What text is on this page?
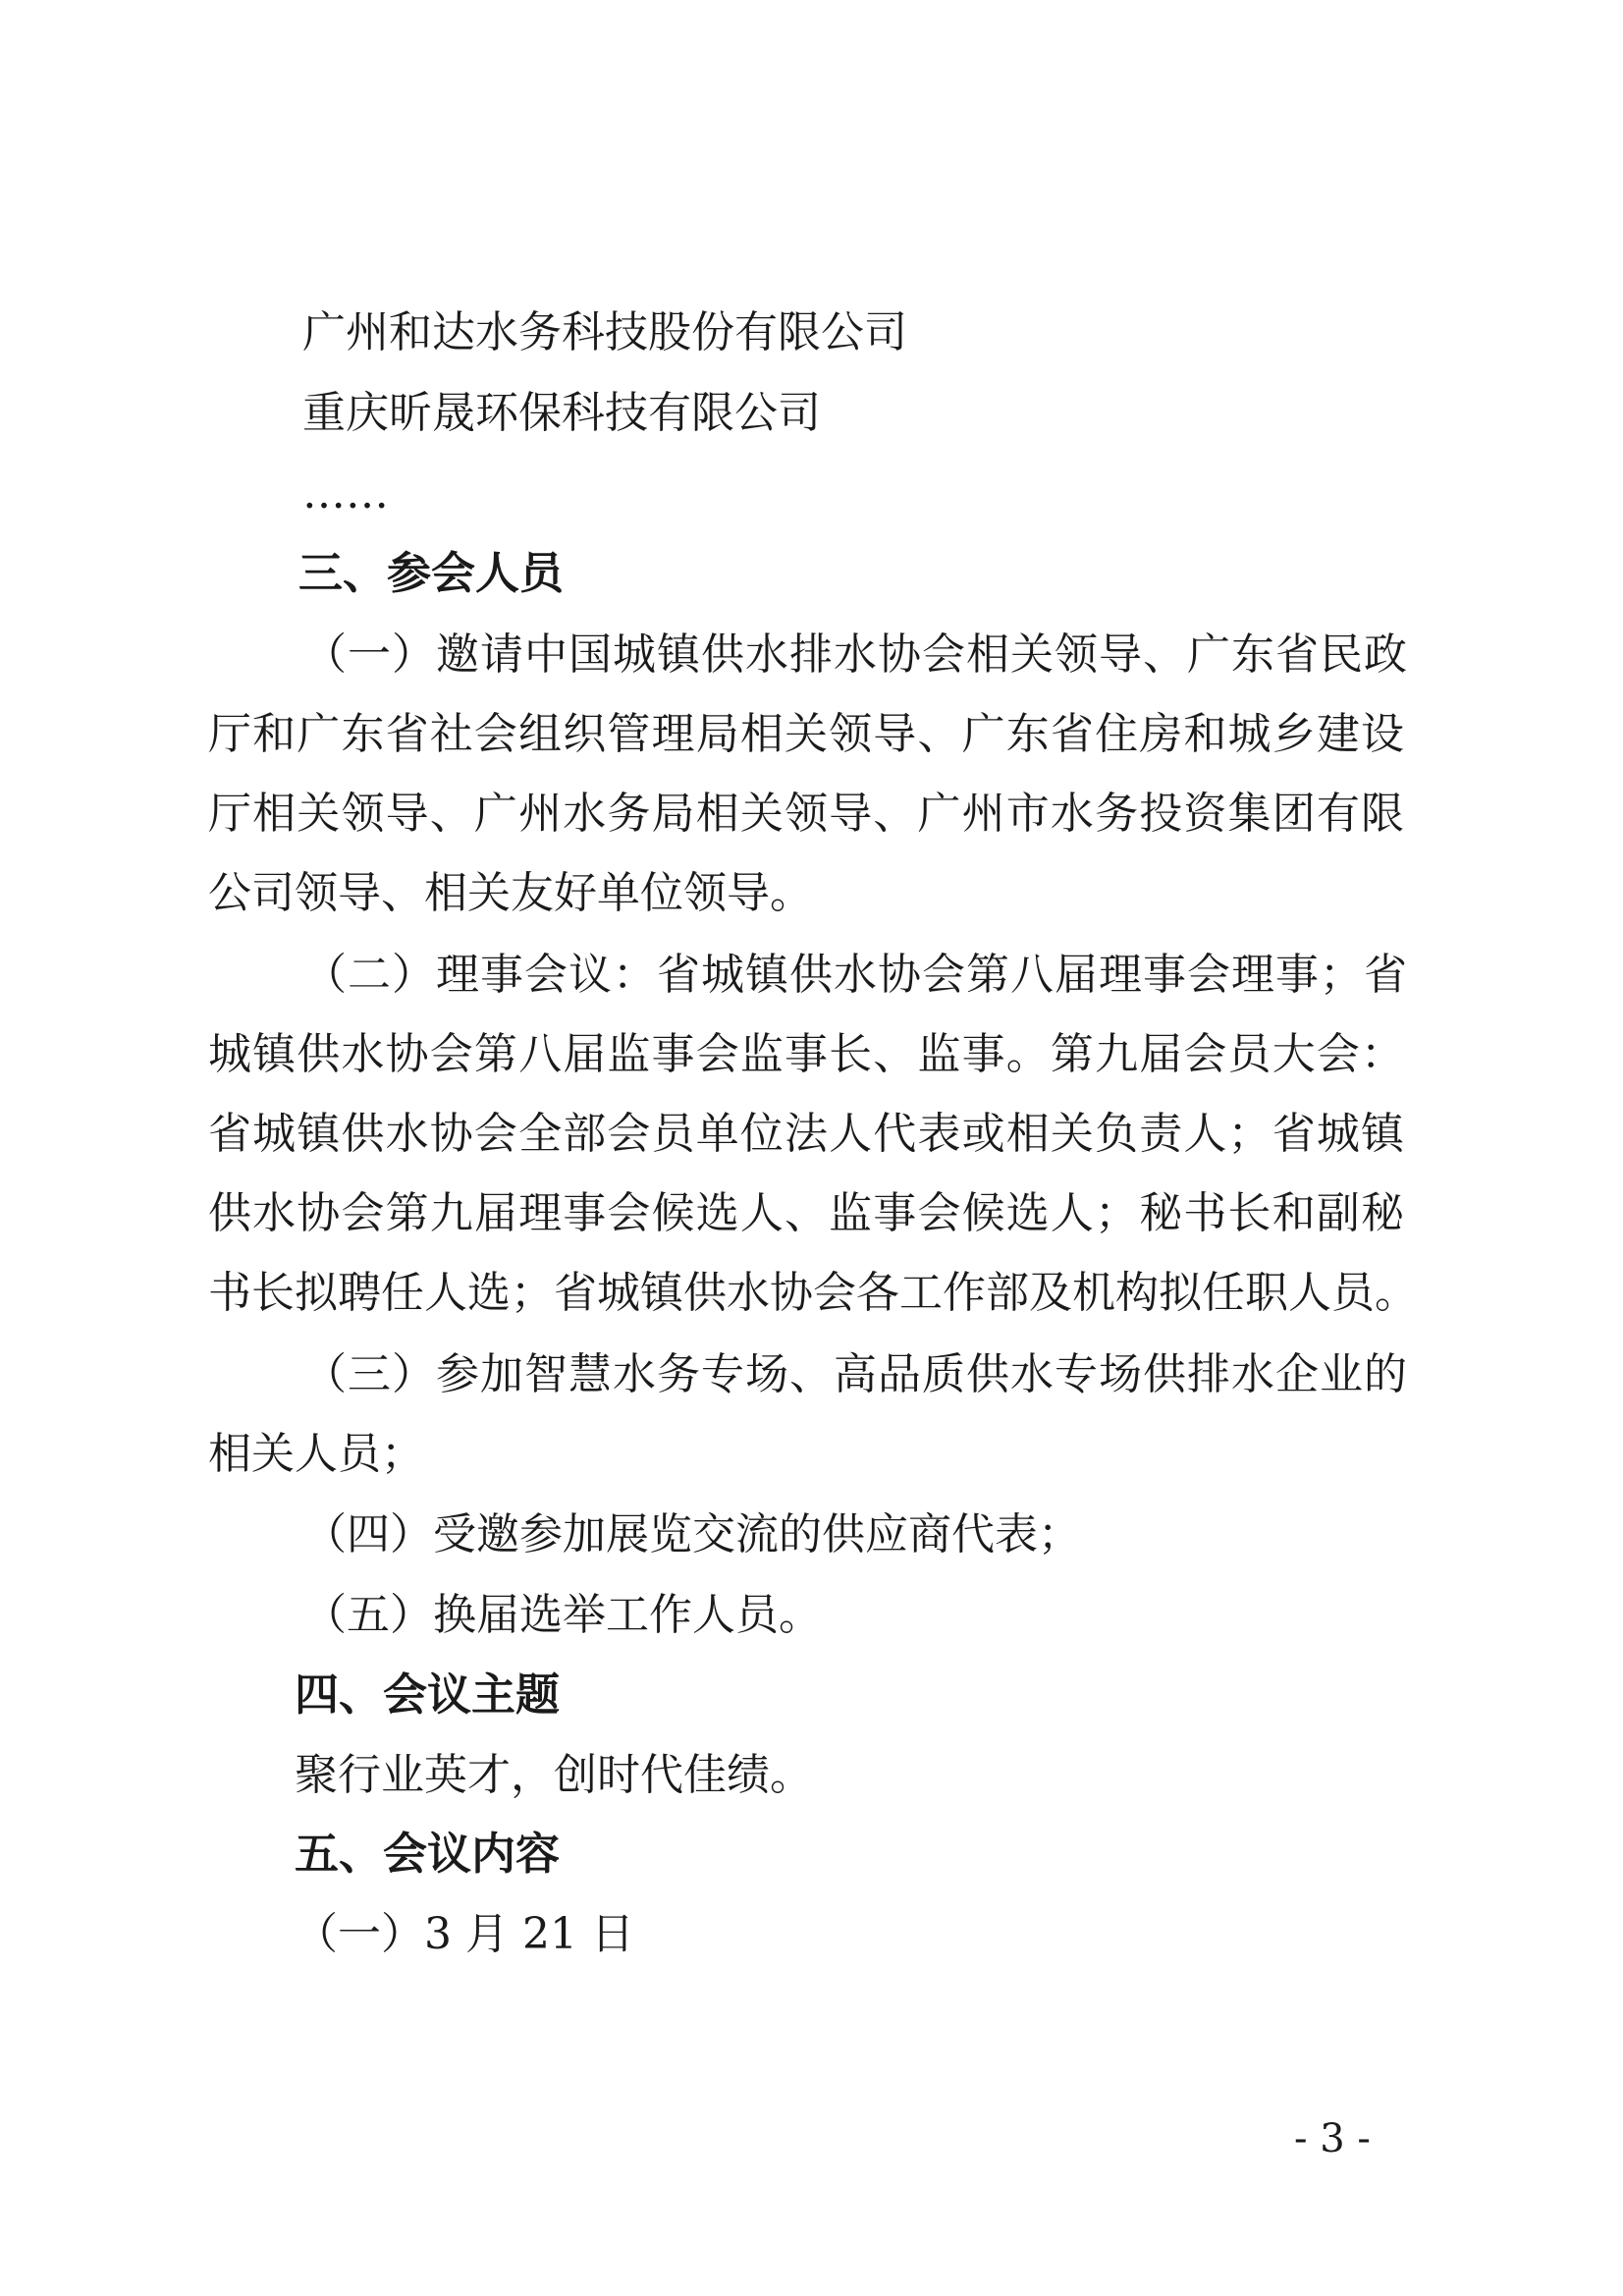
广州和达水务科技股份有限公司
重庆昕晟环保科技有限公司
……
三、参会人员
（一）邀请中国城镇供水排水协会相关领导、广东省民政
厅和广东省社会组织管理局相关领导、广东省住房和城乡建设
厅相关领导、广州水务局相关领导、广州市水务投资集团有限
公司领导、相关友好单位领导。
（二）理事会议：省城镇供水协会第八届理事会理事；省
城镇供水协会第八届监事会监事长、监事。第九届会员大会：
省城镇供水协会全部会员单位法人代表或相关负责人；省城镇
供水协会第九届理事会候选人、监事会候选人；秘书长和副秘
书长拟聘任人选；省城镇供水协会各工作部及机构拟任职人员。
（三）参加智慧水务专场、高品质供水专场供排水企业的
相关人员；
（四）受邀参加展览交流的供应商代表；
（五）换届选举工作人员。
四、会议主题
聚行业英才，创时代佳绩。
五、会议内容
（一）3 月 21 日
- 3 -
